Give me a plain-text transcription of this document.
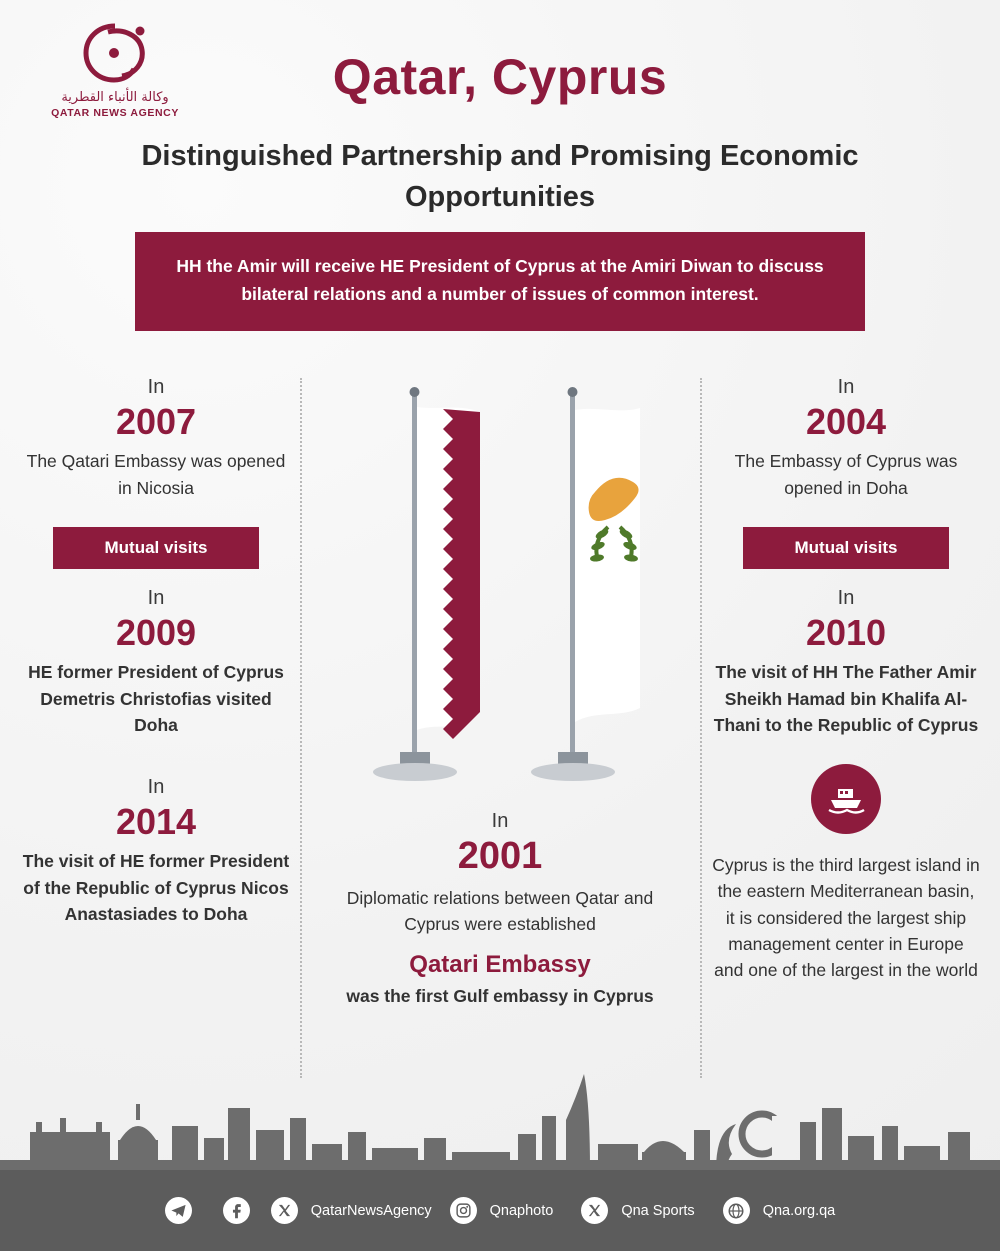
وكالة الأنباء القطرية
QATAR NEWS AGENCY
Qatar, Cyprus
Distinguished Partnership and Promising Economic Opportunities
HH the Amir will receive HE President of Cyprus at the Amiri Diwan to discuss bilateral relations and a number of issues of common interest.
In
2007
The Qatari Embassy was opened in Nicosia
Mutual visits
In
2009
HE former President of Cyprus Demetris Christofias visited Doha
In
2014
The visit of HE former President of the Republic of Cyprus Nicos Anastasiades to Doha
In
2004
The Embassy of Cyprus was opened in Doha
Mutual visits
In
2010
The visit of HH The Father Amir Sheikh Hamad bin Khalifa Al-Thani to the Republic of Cyprus
Cyprus is the third largest island in the eastern Mediterranean basin, it is considered the largest ship management center in Europe and one of the largest in the world
In
2001
Diplomatic relations between Qatar and Cyprus were established
Qatari Embassy
was the first Gulf embassy in Cyprus
QatarNewsAgency	Qnaphoto	Qna Sports	Qna.org.qa
